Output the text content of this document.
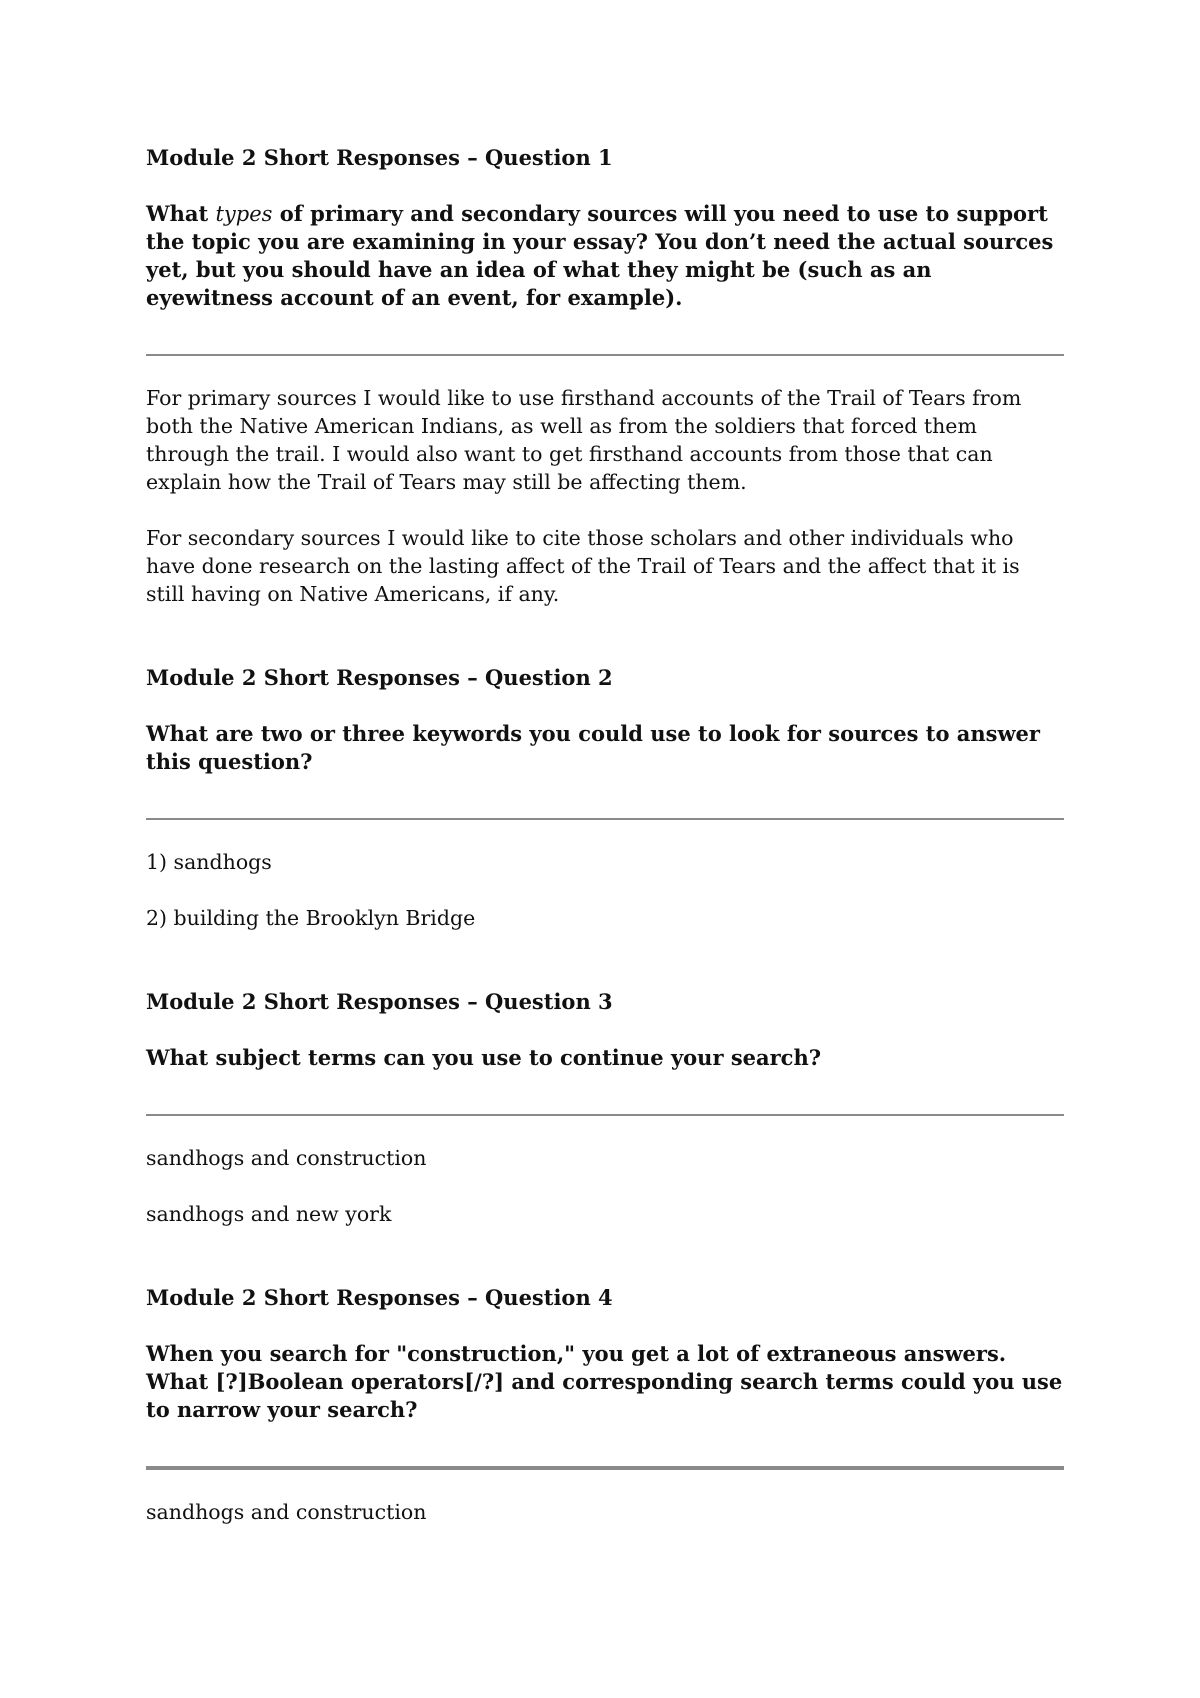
Module 2 Short Responses – Question 1

What types of primary and secondary sources will you need to use to support the topic you are examining in your essay? You don’t need the actual sources yet, but you should have an idea of what they might be (such as an eyewitness account of an event, for example).

For primary sources I would like to use firsthand accounts of the Trail of Tears from both the Native American Indians, as well as from the soldiers that forced them through the trail. I would also want to get firsthand accounts from those that can explain how the Trail of Tears may still be affecting them.

For secondary sources I would like to cite those scholars and other individuals who have done research on the lasting affect of the Trail of Tears and the affect that it is still having on Native Americans, if any.

Module 2 Short Responses – Question 2

What are two or three keywords you could use to look for sources to answer this question?

1) sandhogs

2) building the Brooklyn Bridge

Module 2 Short Responses – Question 3

What subject terms can you use to continue your search?

sandhogs and construction

sandhogs and new york

Module 2 Short Responses – Question 4

When you search for "construction," you get a lot of extraneous answers. What [?]Boolean operators[/?] and corresponding search terms could you use to narrow your search?

sandhogs and construction
